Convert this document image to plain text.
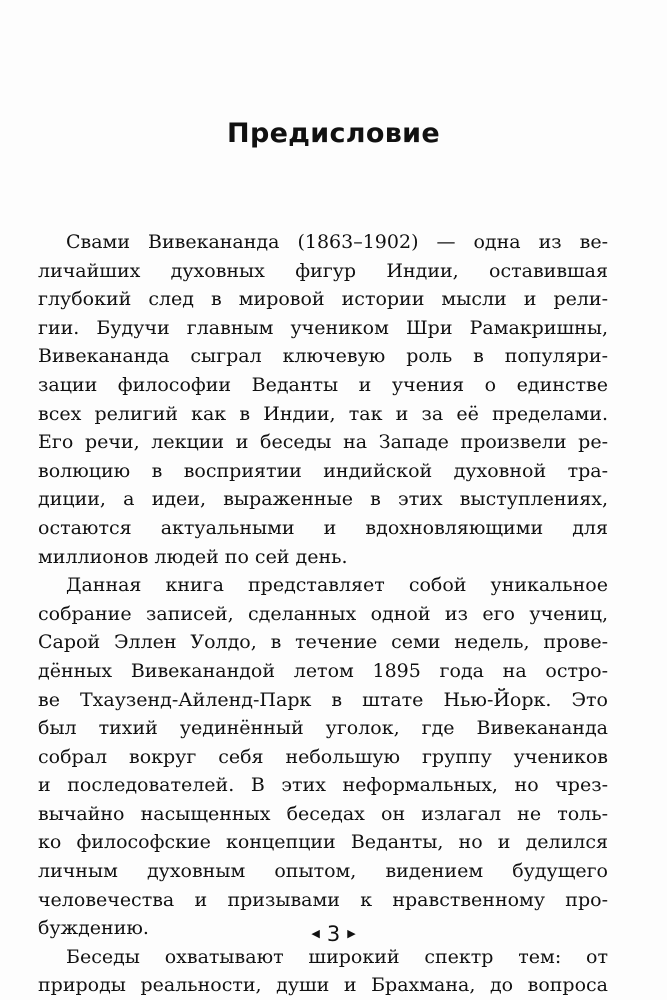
Предисловие
Свами Вивекананда (1863–1902) — одна из ве-
личайших духовных фигур Индии, оставившая
глубокий след в мировой истории мысли и рели-
гии. Будучи главным учеником Шри Рамакришны,
Вивекананда сыграл ключевую роль в популяри-
зации философии Веданты и учения о единстве
всех религий как в Индии, так и за её пределами.
Его речи, лекции и беседы на Западе произвели ре-
волюцию в восприятии индийской духовной тра-
диции, а идеи, выраженные в этих выступлениях,
остаются актуальными и вдохновляющими для
миллионов людей по сей день.
Данная книга представляет собой уникальное
собрание записей, сделанных одной из его учениц,
Сарой Эллен Уолдо, в течение семи недель, прове-
дённых Вивеканандой летом 1895 года на остро-
ве Тхаузенд-Айленд-Парк в штате Нью-Йорк. Это
был тихий уединённый уголок, где Вивекананда
собрал вокруг себя небольшую группу учеников
и последователей. В этих неформальных, но чрез-
вычайно насыщенных беседах он излагал не толь-
ко философские концепции Веданты, но и делился
личным духовным опытом, видением будущего
человечества и призывами к нравственному про-
буждению.
Беседы охватывают широкий спектр тем: от
природы реальности, души и Брахмана, до вопроса
◀ 3 ▶
